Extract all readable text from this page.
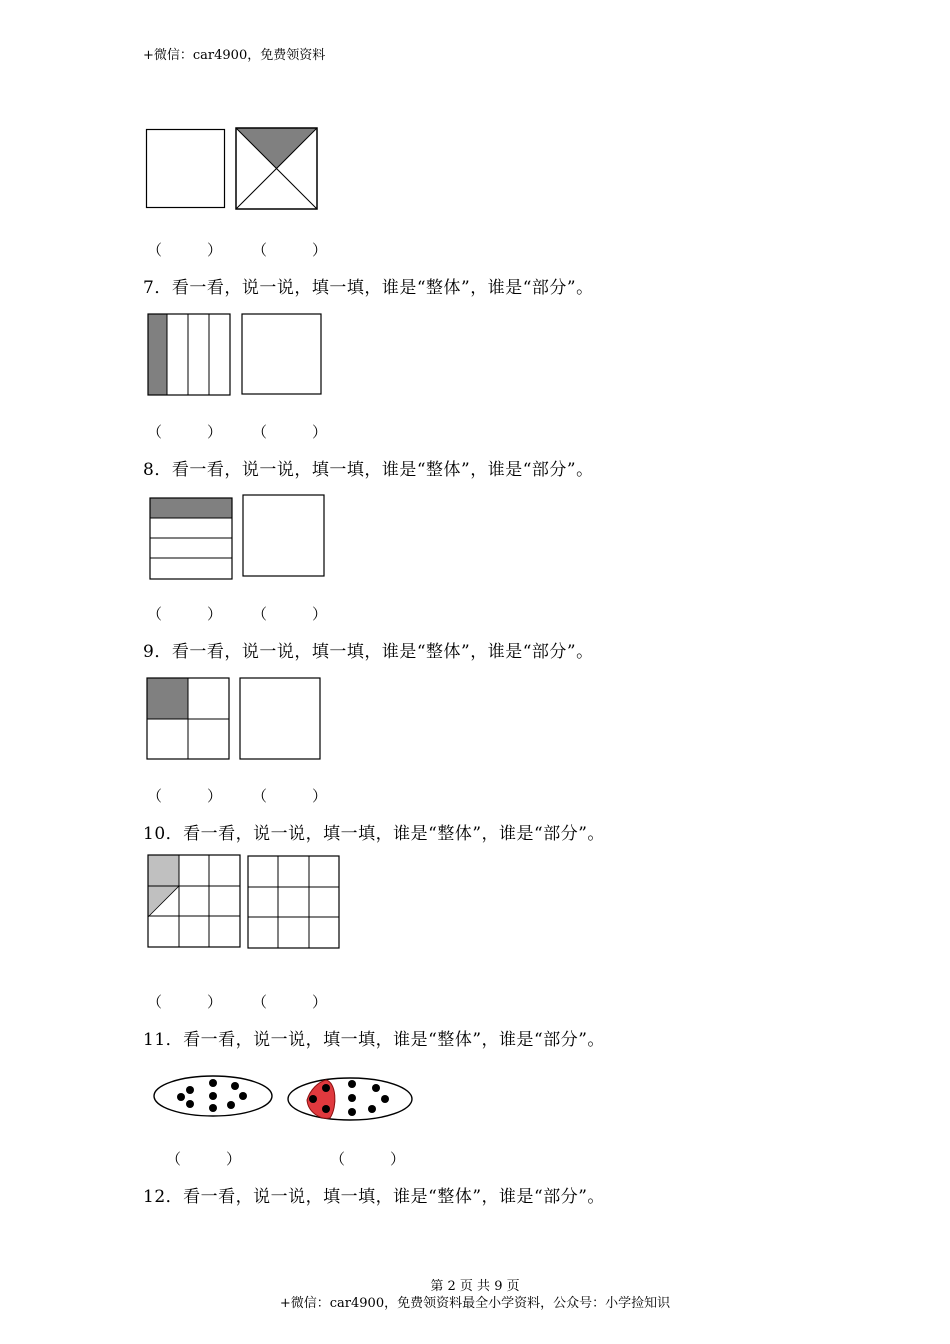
+微信：car4900，免费领资料
（　　　） （　　　）
7．看一看，说一说，填一填，谁是“整体”，谁是“部分”。
（　　　） （　　　）
8．看一看，说一说，填一填，谁是“整体”，谁是“部分”。
（　　　） （　　　）
9．看一看，说一说，填一填，谁是“整体”，谁是“部分”。
（　　　） （　　　）
10．看一看，说一说，填一填，谁是“整体”，谁是“部分”。
（　　　） （　　　）
11．看一看，说一说，填一填，谁是“整体”，谁是“部分”。
（　　　）	（　　　）
12．看一看，说一说，填一填，谁是“整体”，谁是“部分”。
第 2 页 共 9 页
+微信：car4900，免费领资料最全小学资料，公众号：小学捡知识
